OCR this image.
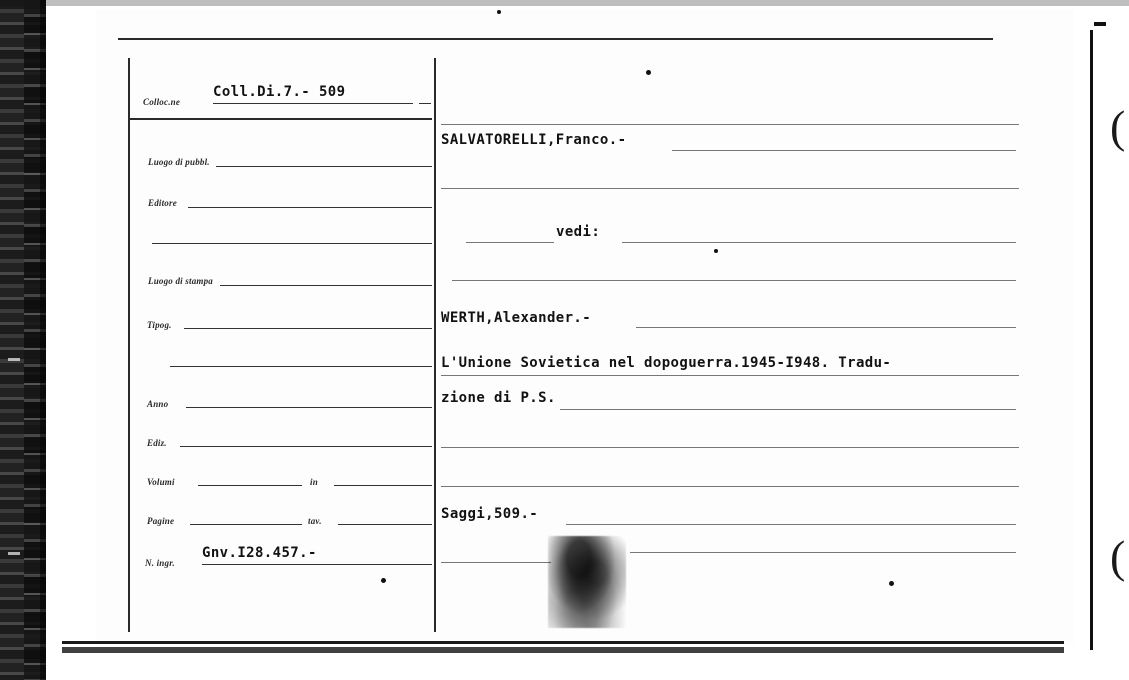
(
(
Colloc.ne
Coll.Di.7.- 509
Luogo di pubbl.
Editore
Luogo di stampa
Tipog.
Anno
Ediz.
Volumi	in
Pagine	tav.
N. ingr.
Gnv.I28.457.-
SALVATORELLI,Franco.-
vedi:
WERTH,Alexander.-
L'Unione Sovietica nel dopoguerra.1945-I948. Tradu-
zione di P.S.
Saggi,509.-
